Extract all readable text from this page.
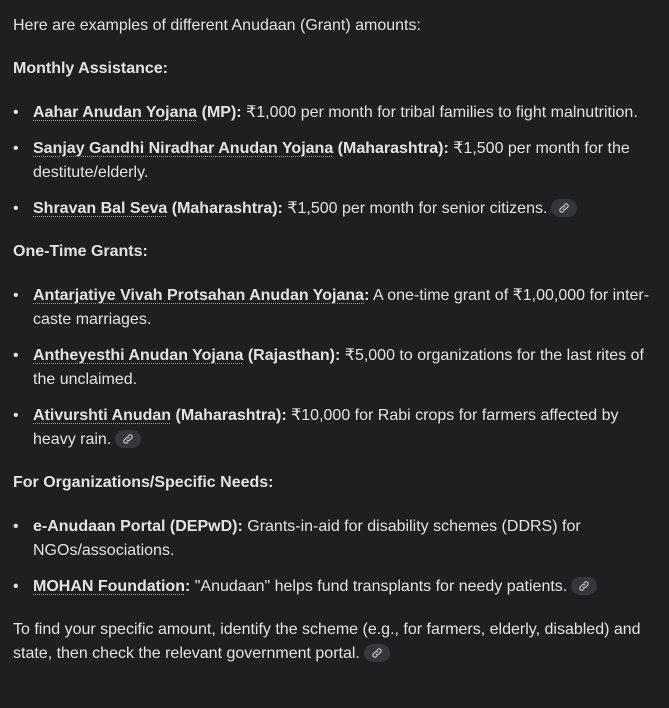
Here are examples of different Anudaan (Grant) amounts:

Monthly Assistance:

• Aahar Anudan Yojana (MP): ₹1,000 per month for tribal families to fight malnutrition.
• Sanjay Gandhi Niradhar Anudan Yojana (Maharashtra): ₹1,500 per month for the destitute/elderly.
• Shravan Bal Seva (Maharashtra): ₹1,500 per month for senior citizens.

One-Time Grants:

• Antarjatiye Vivah Protsahan Anudan Yojana: A one-time grant of ₹1,00,000 for inter-caste marriages.
• Antheyesthi Anudan Yojana (Rajasthan): ₹5,000 to organizations for the last rites of the unclaimed.
• Ativurshti Anudan (Maharashtra): ₹10,000 for Rabi crops for farmers affected by heavy rain.

For Organizations/Specific Needs:

• e-Anudaan Portal (DEPwD): Grants-in-aid for disability schemes (DDRS) for NGOs/associations.
• MOHAN Foundation: "Anudaan" helps fund transplants for needy patients.

To find your specific amount, identify the scheme (e.g., for farmers, elderly, disabled) and state, then check the relevant government portal.
